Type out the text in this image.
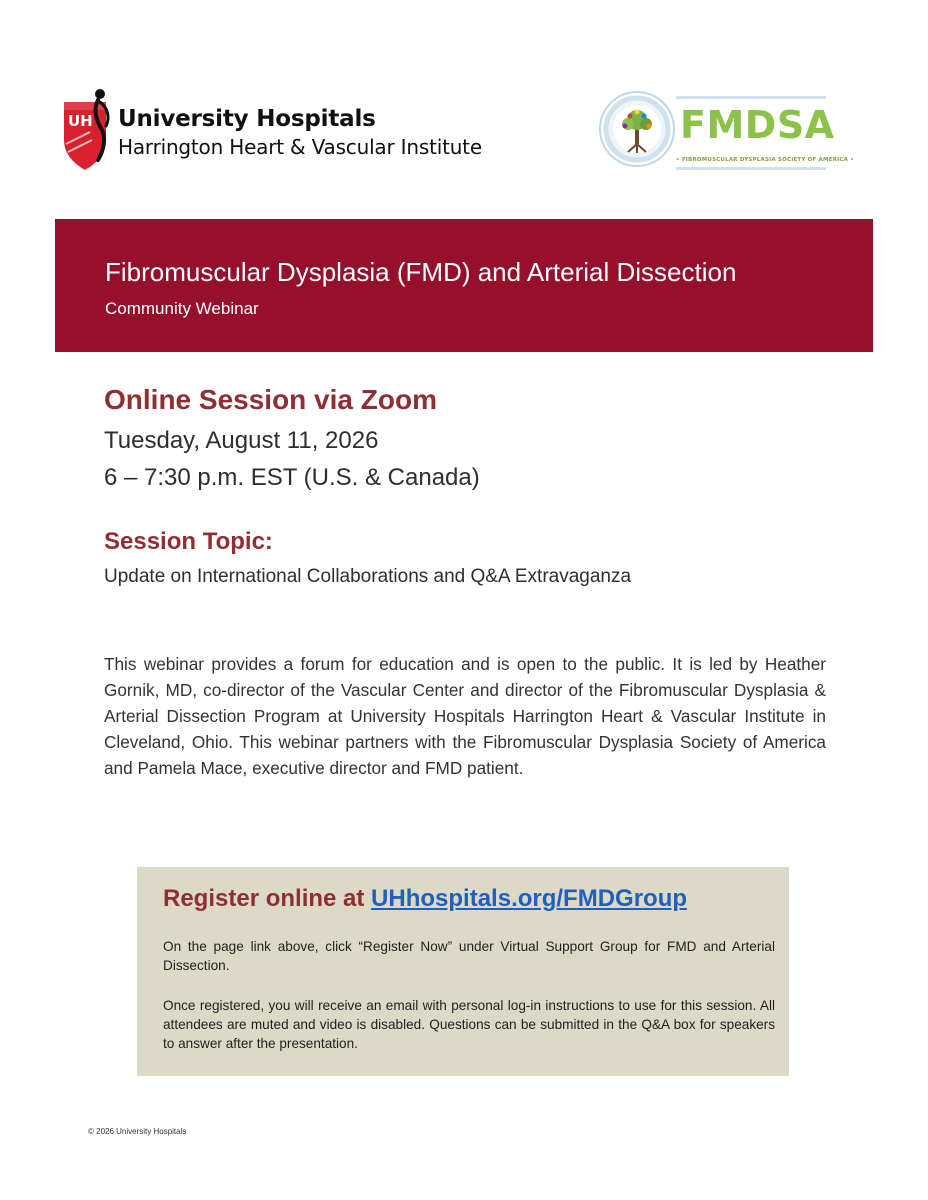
UH University Hospitals
Harrington Heart & Vascular Institute	FMDSA
• FIBROMUSCULAR DYSPLASIA SOCIETY OF AMERICA •
Fibromuscular Dysplasia (FMD) and Arterial Dissection
Community Webinar
Online Session via Zoom
Tuesday, August 11, 2026
6 – 7:30 p.m. EST (U.S. & Canada)
Session Topic:
Update on International Collaborations and Q&A Extravaganza

This webinar provides a forum for education and is open to the public. It is led by Heather Gornik, MD, co-director of the Vascular Center and director of the Fibromuscular Dysplasia & Arterial Dissection Program at University Hospitals Harrington Heart & Vascular Institute in Cleveland, Ohio. This webinar partners with the Fibromuscular Dysplasia Society of America and Pamela Mace, executive director and FMD patient.

Register online at UHhospitals.org/FMDGroup

On the page link above, click “Register Now” under Virtual Support Group for FMD and Arterial Dissection.

Once registered, you will receive an email with personal log-in instructions to use for this session. All attendees are muted and video is disabled. Questions can be submitted in the Q&A box for speakers to answer after the presentation.

© 2026 University Hospitals
